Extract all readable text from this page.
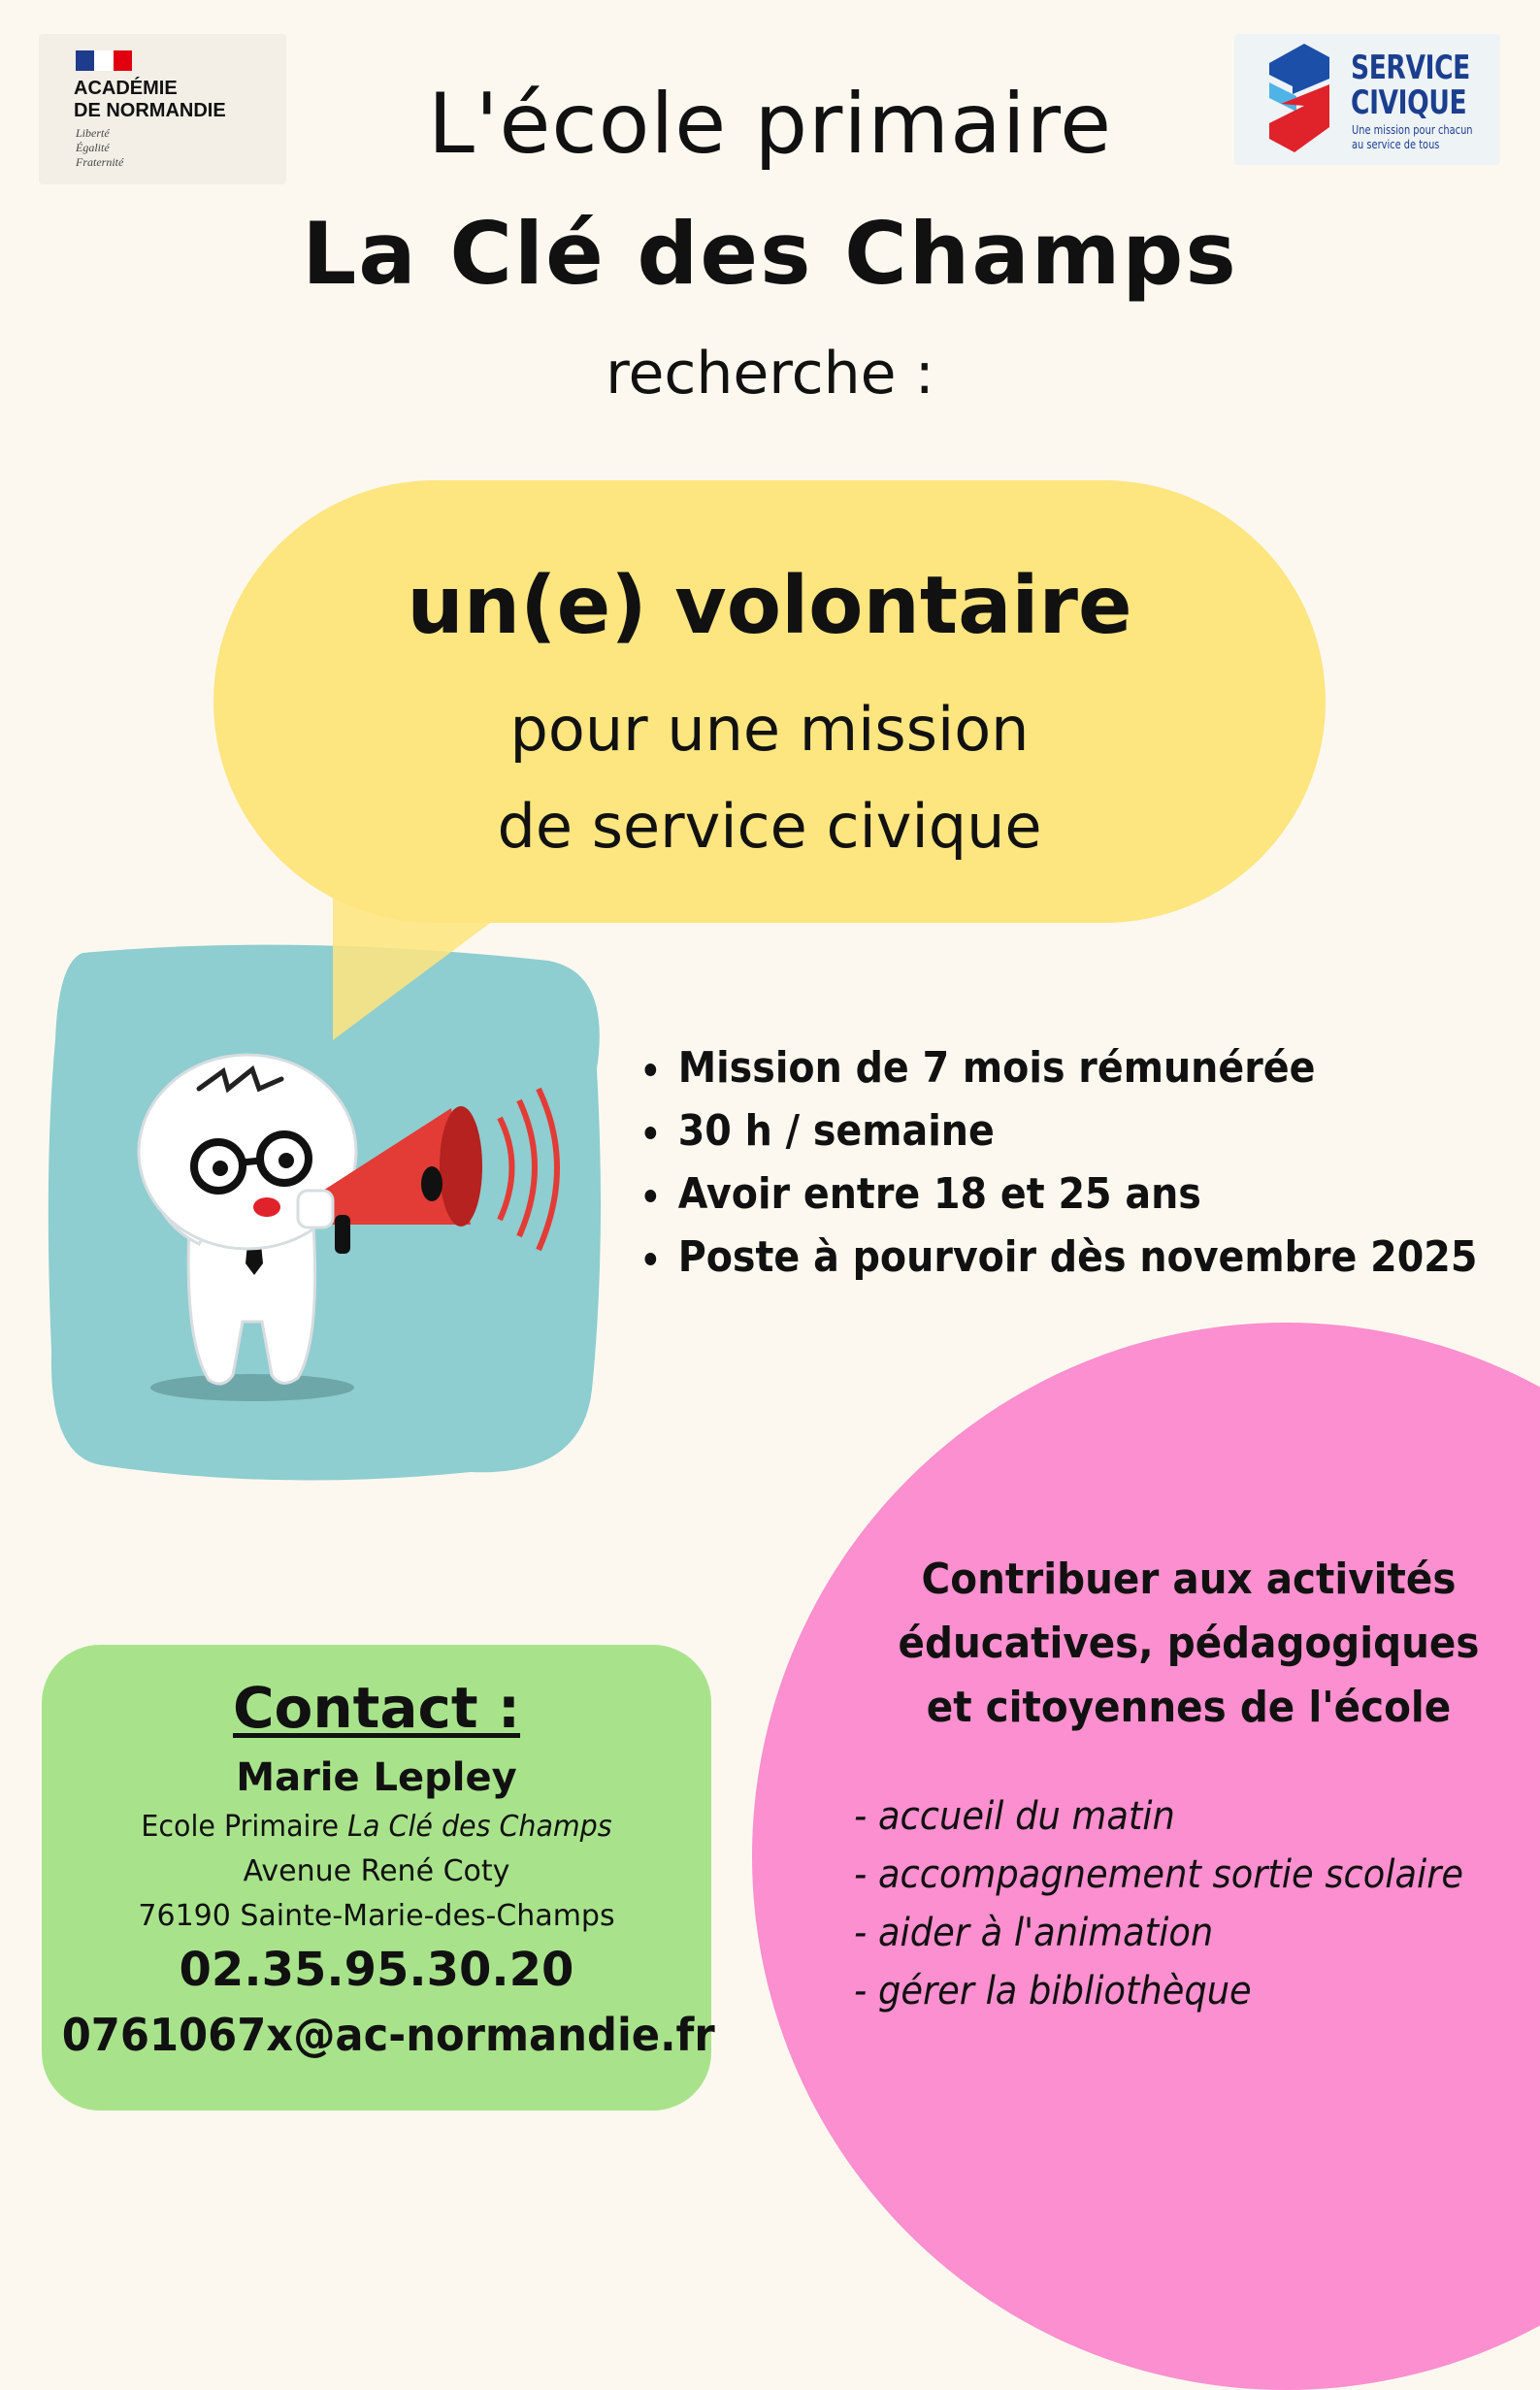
ACADÉMIE
DE NORMANDIE
Liberté
Égalité
Fraternité
SERVICE
CIVIQUE
Une mission pour chacun
au service de tous
L'école primaire
La Clé des Champs
recherche :
un(e) volontaire
pour une mission
de service civique
Mission de 7 mois rémunérée
30 h / semaine
Avoir entre 18 et 25 ans
Poste à pourvoir dès novembre 2025
Contribuer aux activités
éducatives, pédagogiques
et citoyennes de l'école
- accueil du matin
- accompagnement sortie scolaire
- aider à l'animation
- gérer la bibliothèque
Contact :
Marie Lepley
Ecole Primaire La Clé des Champs
Avenue René Coty
76190 Sainte-Marie-des-Champs
02.35.95.30.20
0761067x@ac-normandie.fr
